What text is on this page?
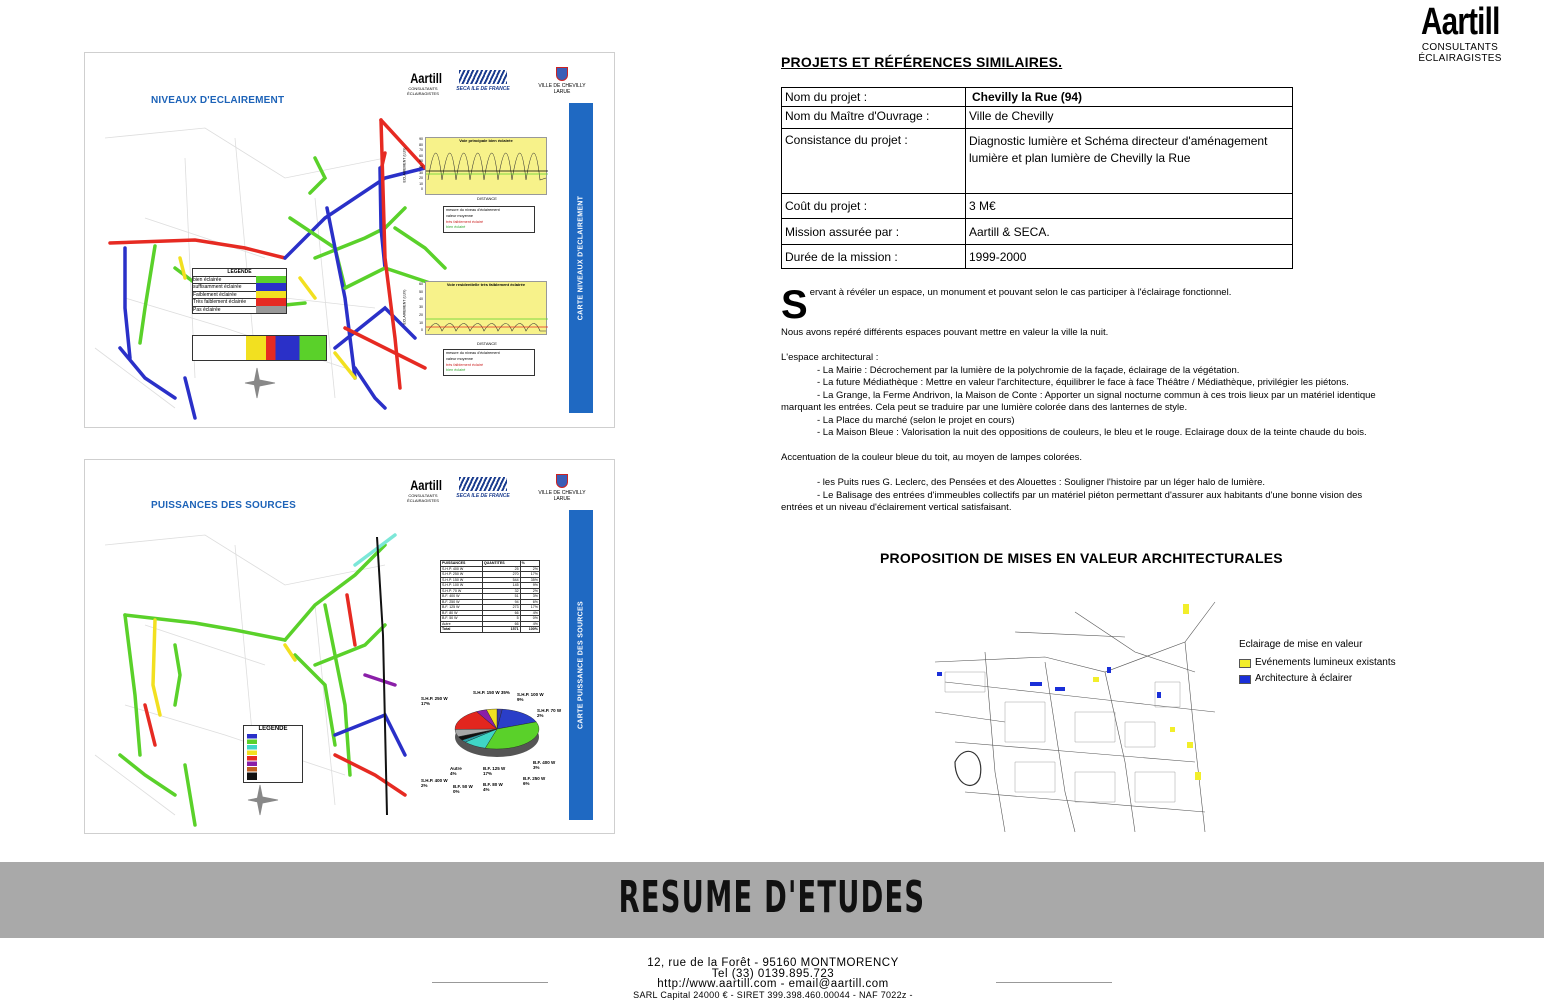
Aartill
CONSULTANTS
ÉCLAIRAGISTES
NIVEAUX D'ECLAIREMENT
Aartill
CONSULTANTS ÉCLAIRAGISTES
SECA ILE DE FRANCE	VILLE DE CHEVILLY LARUE
LEGENDE
bien éclairée
suffisamment éclairée
Faiblement éclairée
Très faiblement éclairée
Pas éclairée
Voie principale bien éclairée
90
80
70
60
50
40
30
20
10
0
ECLAIREMENT (LUX)
DISTANCE
mesure du niveau d'éclairement
valeur moyenne
très faiblement éclairé
bien éclairé
Voie residentielle très faiblement éclairée
60
50
40
30
20
10
0
ECLAIREMENT (LUX)
DISTANCE
mesure du niveau d'éclairement
valeur moyenne
très faiblement éclairé
bien éclairé
CARTE NIVEAUX D'ECLAIREMENT

PUISSANCES DES SOURCES
Aartill
CONSULTANTS ÉCLAIRAGISTES
SECA ILE DE FRANCE	VILLE DE CHEVILLY LARUE
LEGENDE
PUISSANCES	QUANTITES	%
S.H.P. 400 W	25	2%
S.H.P. 250 W	270	17%
S.H.P. 150 W	544	35%
S.H.P. 100 W	145	9%
S.H.P. 70 W	32	2%
B.F. 400 W	51	3%
B.F. 250 W	94	6%
B.F. 125 W	273	17%
B.F. 80 W	66	4%
B.F. 50 W	5	0%
Autre	66	4%
Total	1571	100%
S.H.P. 250 W 17%
S.H.P. 150 W 35%	S.H.P. 100 W 9%
S.H.P. 70 W 2%
B.F. 400 W 3%
B.F. 250 W 6%
B.F. 125 W 17%
B.F. 80 W 4%
B.F. 50 W 0%
Autre 4%
S.H.P. 400 W 2%
CARTE PUISSANCE DES SOURCES
PROJETS ET RÉFÉRENCES SIMILAIRES.
Nom du projet :	Chevilly la Rue (94)
Nom du Maître d'Ouvrage :	Ville de Chevilly
Consistance du projet :	Diagnostic lumière et Schéma directeur d'aménagement lumière et plan lumière de Chevilly la Rue
Coût du projet :	3 M€
Mission assurée par :	Aartill & SECA.
Durée de la mission :	1999-2000
S ervant à révéler un espace, un monument et pouvant selon le cas participer à l'éclairage fonctionnel.

Nous avons repéré différents espaces pouvant mettre en valeur la ville la nuit.

L'espace architectural :

- La Mairie : Décrochement par la lumière de la polychromie de la façade, éclairage de la végétation.

- La future Médiathèque : Mettre en valeur l'architecture, équilibrer le face à face Théâtre / Médiathèque, privilégier les piétons.

- La Grange, la Ferme Andrivon, la Maison de Conte : Apporter un signal nocturne commun à ces trois lieux par un matériel identique

marquant les entrées. Cela peut se traduire par une lumière colorée dans des lanternes de style.

- La Place du marché (selon le projet en cours)

- La Maison Bleue : Valorisation la nuit des oppositions de couleurs, le bleu et le rouge. Eclairage doux de la teinte chaude du bois.

Accentuation de la couleur bleue du toit, au moyen de lampes colorées.

- les Puits rues G. Leclerc, des Pensées et des Alouettes : Souligner l'histoire par un léger halo de lumière.

- Le Balisage des entrées d'immeubles collectifs par un matériel piéton permettant d'assurer aux habitants d'une bonne vision des

entrées et un niveau d'éclairement vertical satisfaisant.

PROPOSITION DE MISES EN VALEUR ARCHITECTURALES
Eclairage de mise en valeur
Evénements lumineux existants
Architecture à éclairer
RESUME D'ETUDES
12, rue de la Forêt - 95160 MONTMORENCY
Tel (33) 0139.895.723
http://www.aartill.com - email@aartill.com
SARL Capital 24000 € - SIRET 399.398.460.00044 - NAF 7022z -
